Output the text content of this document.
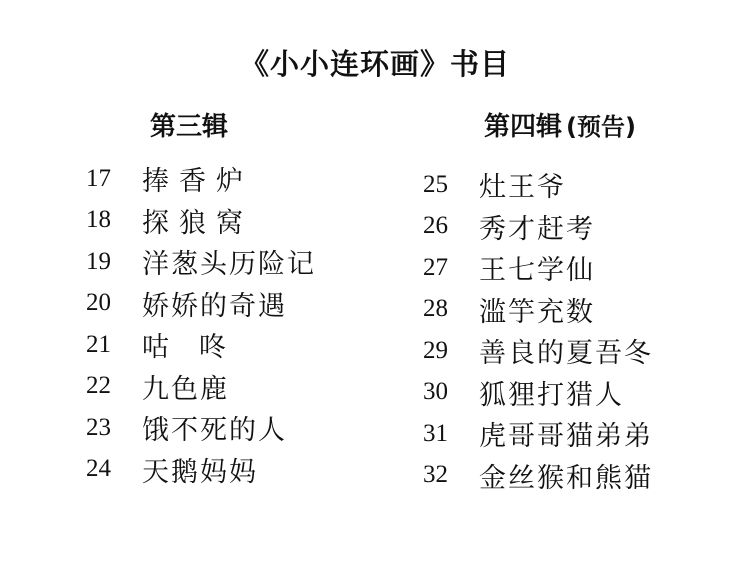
《小小连环画》书目
第三辑	第四辑 (预告)
17	捧香炉
18	探狼窝
19	洋葱头历险记
20	娇娇的奇遇
21	咕咚
22	九色鹿
23	饿不死的人
24	天鹅妈妈
25	灶王爷
26	秀才赶考
27	王七学仙
28	滥竽充数
29	善良的夏吾冬
30	狐狸打猎人
31	虎哥哥猫弟弟
32	金丝猴和熊猫
